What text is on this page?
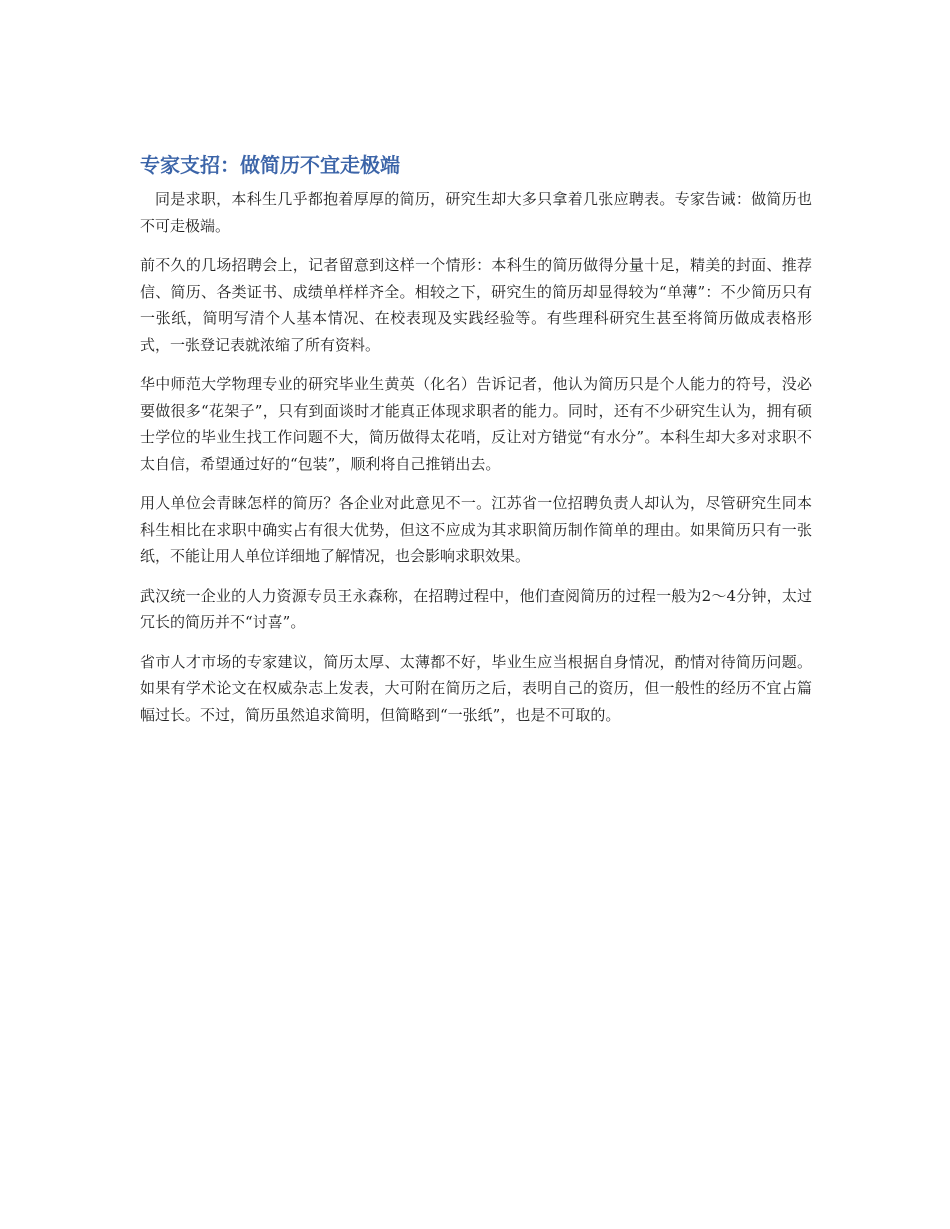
专家支招：做简历不宜走极端

同是求职，本科生几乎都抱着厚厚的简历，研究生却大多只拿着几张应聘表。专家告诫：做简历也不可走极端。

前不久的几场招聘会上，记者留意到这样一个情形：本科生的简历做得分量十足，精美的封面、推荐信、简历、各类证书、成绩单样样齐全。相较之下，研究生的简历却显得较为“单薄”：不少简历只有一张纸，简明写清个人基本情况、在校表现及实践经验等。有些理科研究生甚至将简历做成表格形式，一张登记表就浓缩了所有资料。

华中师范大学物理专业的研究毕业生黄英（化名）告诉记者，他认为简历只是个人能力的符号，没必要做很多“花架子”，只有到面谈时才能真正体现求职者的能力。同时，还有不少研究生认为，拥有硕士学位的毕业生找工作问题不大，简历做得太花哨，反让对方错觉“有水分”。本科生却大多对求职不太自信，希望通过好的“包装”，顺利将自己推销出去。

用人单位会青睐怎样的简历？各企业对此意见不一。江苏省一位招聘负责人却认为，尽管研究生同本科生相比在求职中确实占有很大优势，但这不应成为其求职简历制作简单的理由。如果简历只有一张纸，不能让用人单位详细地了解情况，也会影响求职效果。

武汉统一企业的人力资源专员王永森称，在招聘过程中，他们查阅简历的过程一般为2～4分钟，太过冗长的简历并不“讨喜”。

省市人才市场的专家建议，简历太厚、太薄都不好，毕业生应当根据自身情况，酌情对待简历问题。如果有学术论文在权威杂志上发表，大可附在简历之后，表明自己的资历，但一般性的经历不宜占篇幅过长。不过，简历虽然追求简明，但简略到“一张纸”，也是不可取的。
